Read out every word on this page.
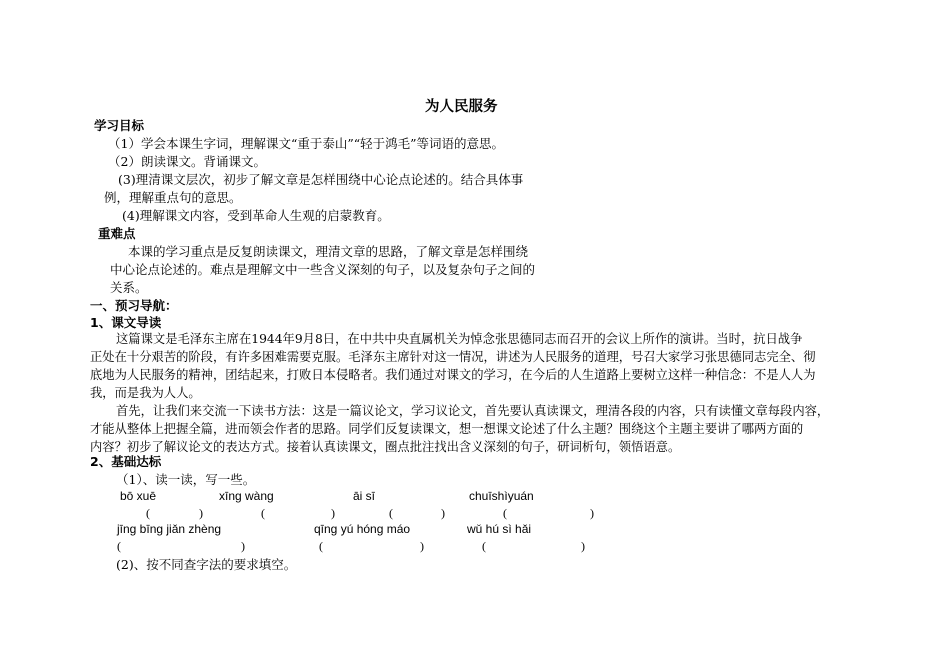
为人民服务
学习目标
（1）学会本课生字词，理解课文“重于泰山”“轻于鸿毛”等词语的意思。
（2）朗读课文。背诵课文。
(3)理清课文层次，初步了解文章是怎样围绕中心论点论述的。结合具体事
例，理解重点句的意思。
(4)理解课文内容，受到革命人生观的启蒙教育。
重难点
本课的学习重点是反复朗读课文，理清文章的思路，了解文章是怎样围绕
中心论点论述的。难点是理解文中一些含义深刻的句子，以及复杂句子之间的
关系。
一、预习导航：
1、课文导读
这篇课文是毛泽东主席在1944年9月8日，在中共中央直属机关为悼念张思德同志而召开的会议上所作的演讲。当时，抗日战争
正处在十分艰苦的阶段，有许多困难需要克服。毛泽东主席针对这一情况，讲述为人民服务的道理，号召大家学习张思德同志完全、彻
底地为人民服务的精神，团结起来，打败日本侵略者。我们通过对课文的学习，在今后的人生道路上要树立这样一种信念：不是人人为
我，而是我为人人。
首先，让我们来交流一下读书方法：这是一篇议论文，学习议论文，首先要认真读课文，理清各段的内容，只有读懂文章每段内容，
才能从整体上把握全篇，进而领会作者的思路。同学们反复读课文，想一想课文论述了什么主题？围绕这个主题主要讲了哪两方面的
内容？初步了解议论文的表达方式。接着认真读课文，圈点批注找出含义深刻的句子，研词析句，领悟语意。
2、基础达标
（1）、读一读，写一些。
bō xuē	xīng wàng	āi sī	chuīshìyuán
(	)	(	)	(	)	(	)
jīng bīng jiǎn zhèng	qīng yú hóng máo	wǔ hú sì hǎi
(	)	(	)	(	)
(2)、按不同查字法的要求填空。
